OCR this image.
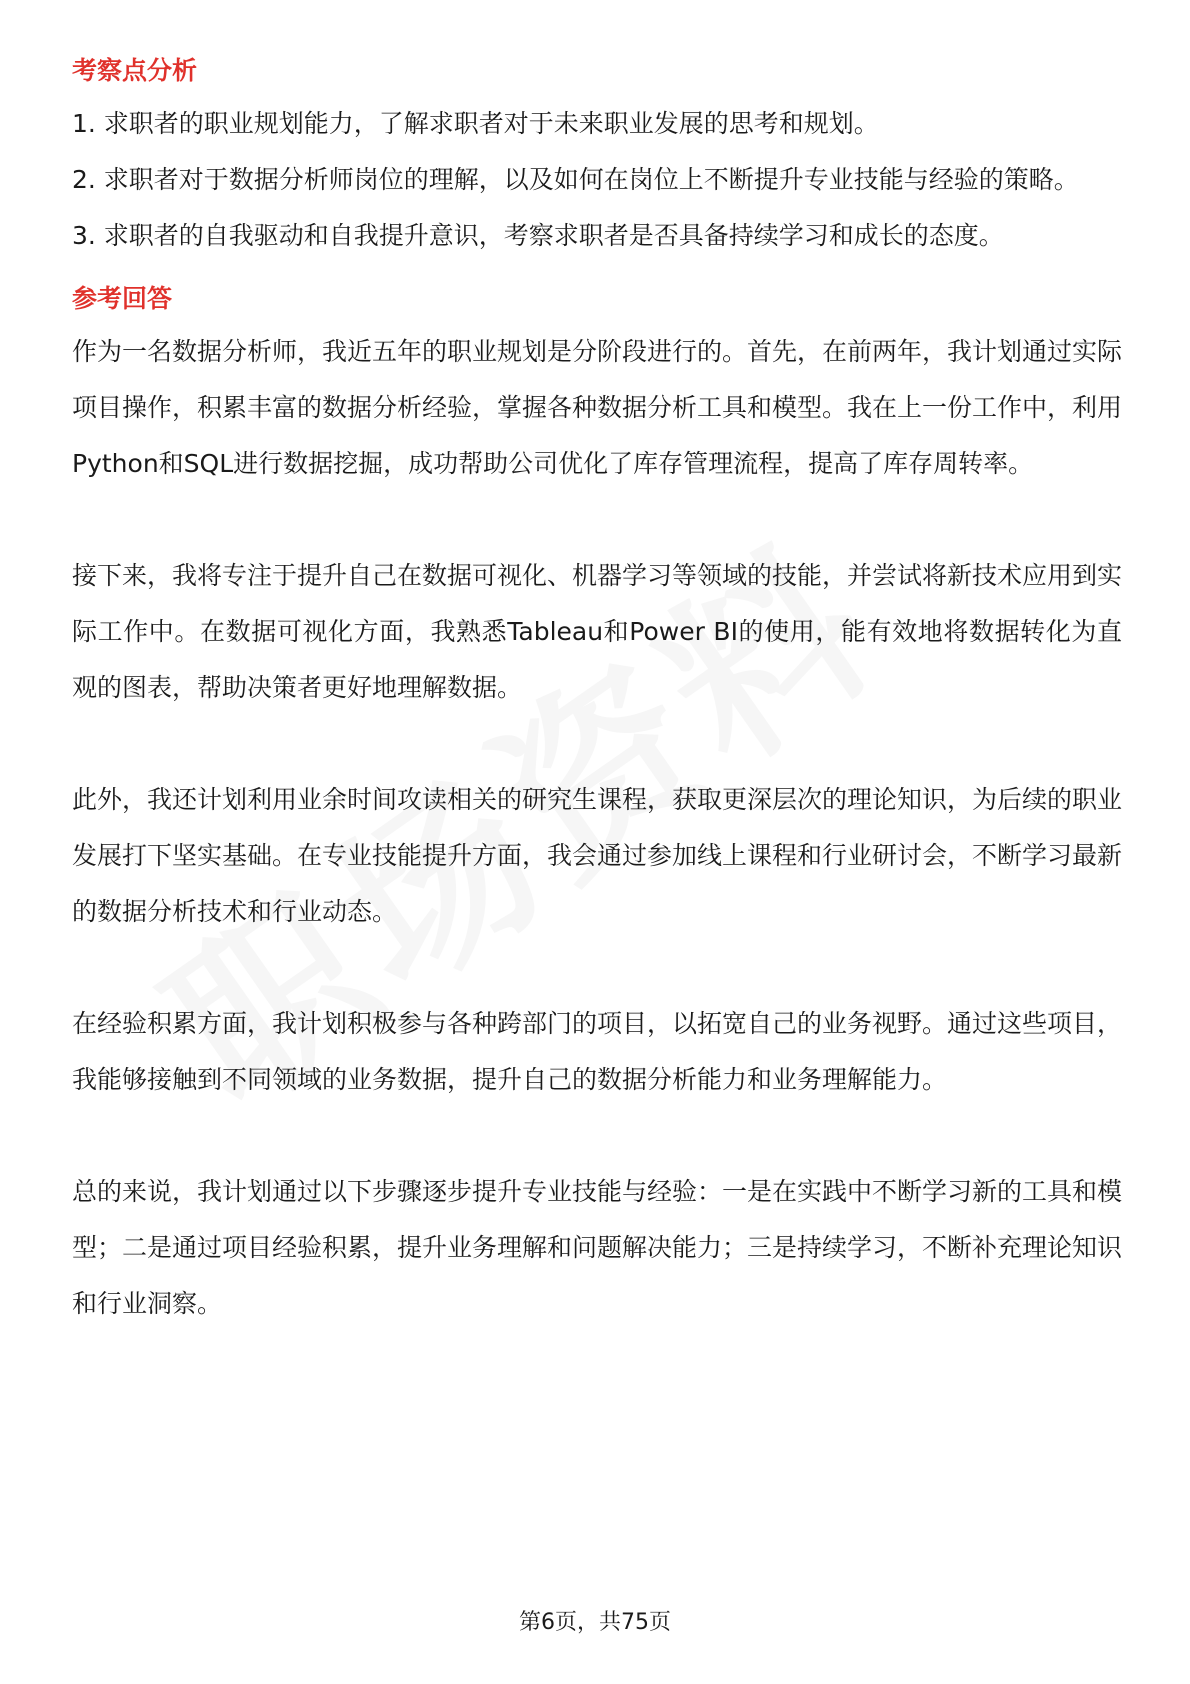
考察点分析

1. 求职者的职业规划能力，了解求职者对于未来职业发展的思考和规划。

2. 求职者对于数据分析师岗位的理解，以及如何在岗位上不断提升专业技能与经验的策略。

3. 求职者的自我驱动和自我提升意识，考察求职者是否具备持续学习和成长的态度。

参考回答

作为一名数据分析师，我近五年的职业规划是分阶段进行的。首先，在前两年，我计划通过实际项目操作，积累丰富的数据分析经验，掌握各种数据分析工具和模型。我在上一份工作中，利用Python和SQL进行数据挖掘，成功帮助公司优化了库存管理流程，提高了库存周转率。

接下来，我将专注于提升自己在数据可视化、机器学习等领域的技能，并尝试将新技术应用到实际工作中。在数据可视化方面，我熟悉Tableau和Power BI的使用，能有效地将数据转化为直观的图表，帮助决策者更好地理解数据。

此外，我还计划利用业余时间攻读相关的研究生课程，获取更深层次的理论知识，为后续的职业发展打下坚实基础。在专业技能提升方面，我会通过参加线上课程和行业研讨会，不断学习最新的数据分析技术和行业动态。

在经验积累方面，我计划积极参与各种跨部门的项目，以拓宽自己的业务视野。通过这些项目，我能够接触到不同领域的业务数据，提升自己的数据分析能力和业务理解能力。

总的来说，我计划通过以下步骤逐步提升专业技能与经验：一是在实践中不断学习新的工具和模型；二是通过项目经验积累，提升业务理解和问题解决能力；三是持续学习，不断补充理论知识和行业洞察。

第6页，共75页
